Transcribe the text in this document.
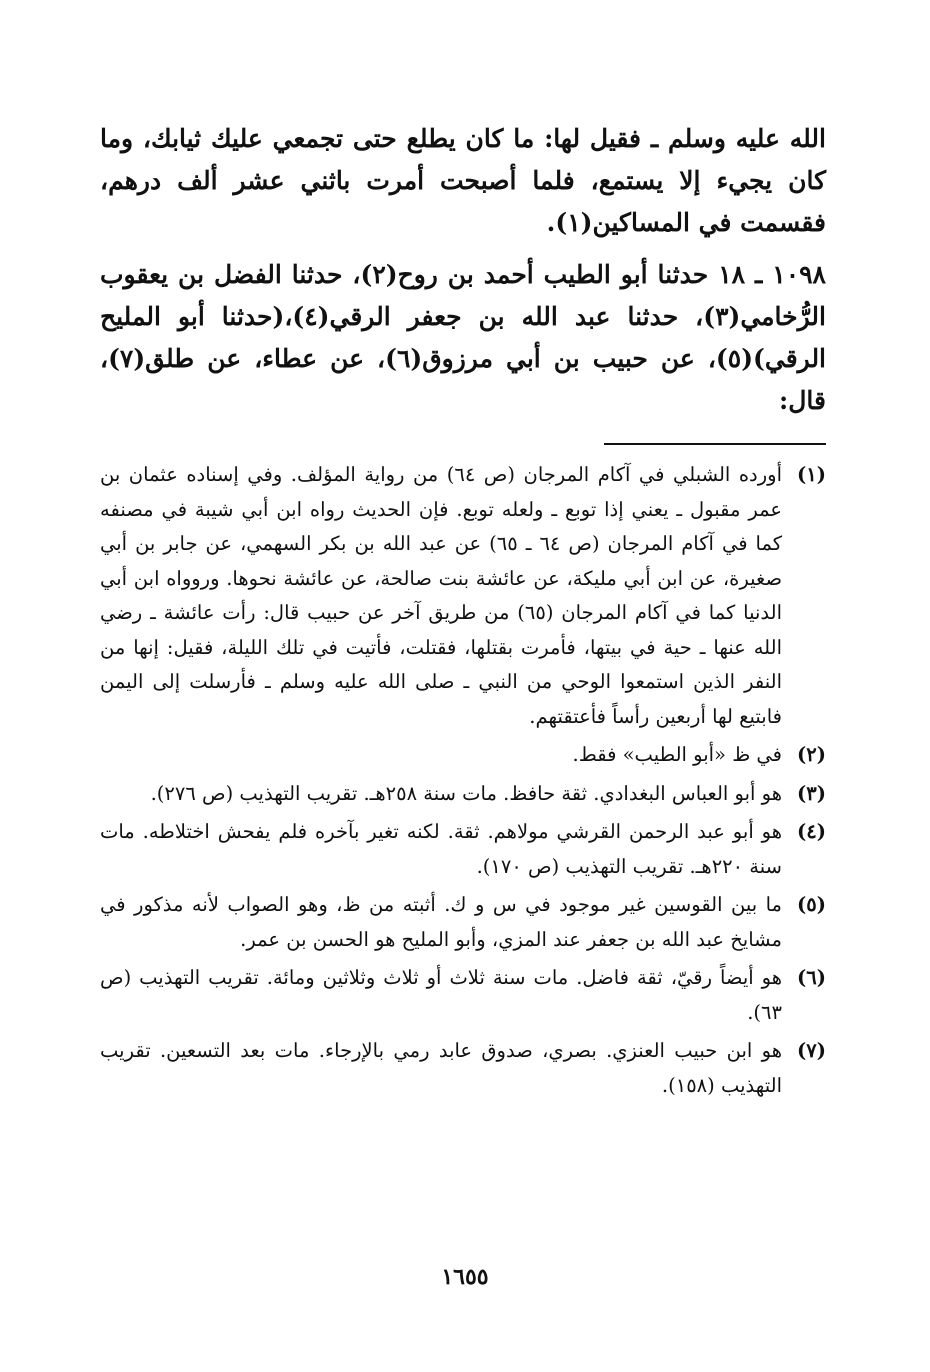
الله عليه وسلم ـ فقيل لها: ما كان يطلع حتى تجمعي عليك ثيابك، وما كان يجيء إلا يستمع، فلما أصبحت أمرت باثني عشر ألف درهم، فقسمت في المساكين(١).

١٠٩٨ ـ ١٨ حدثنا أبو الطيب أحمد بن روح(٢)، حدثنا الفضل بن يعقوب الرُّخامي(٣)، حدثنا عبد الله بن جعفر الرقي(٤)،(حدثنا أبو المليح الرقي)(٥)، عن حبيب بن أبي مرزوق(٦)، عن عطاء، عن طلق(٧)، قال:

(١)
أورده الشبلي في آكام المرجان (ص ٦٤) من رواية المؤلف. وفي إسناده عثمان بن عمر مقبول ـ يعني إذا توبع ـ ولعله توبع. فإن الحديث رواه ابن أبي شيبة في مصنفه كما في آكام المرجان (ص ٦٤ ـ ٦٥) عن عبد الله بن بكر السهمي، عن جابر بن أبي صغيرة، عن ابن أبي مليكة، عن عائشة بنت صالحة، عن عائشة نحوها. وروواه ابن أبي الدنيا كما في آكام المرجان (٦٥) من طريق آخر عن حبيب قال: رأت عائشة ـ رضي الله عنها ـ حية في بيتها، فأمرت بقتلها، فقتلت، فأتيت في تلك الليلة، فقيل: إنها من النفر الذين استمعوا الوحي من النبي ـ صلى الله عليه وسلم ـ فأرسلت إلى اليمن فابتيع لها أربعين رأساً فأعتقتهم.
(٢)
في ظ «أبو الطيب» فقط.
(٣)
هو أبو العباس البغدادي. ثقة حافظ. مات سنة ٢٥٨هـ. تقريب التهذيب (ص ٢٧٦).
(٤)
هو أبو عبد الرحمن القرشي مولاهم. ثقة. لكنه تغير بآخره فلم يفحش اختلاطه. مات سنة ٢٢٠هـ. تقريب التهذيب (ص ١٧٠).
(٥)
ما بين القوسين غير موجود في س و ك. أثبته من ظ، وهو الصواب لأنه مذكور في مشايخ عبد الله بن جعفر عند المزي، وأبو المليح هو الحسن بن عمر.
(٦)
هو أيضاً رقيّ، ثقة فاضل. مات سنة ثلاث أو ثلاث وثلاثين ومائة. تقريب التهذيب (ص ٦٣).
(٧)
هو ابن حبيب العنزي. بصري، صدوق عابد رمي بالإرجاء. مات بعد التسعين. تقريب التهذيب (١٥٨).
١٦٥٥
